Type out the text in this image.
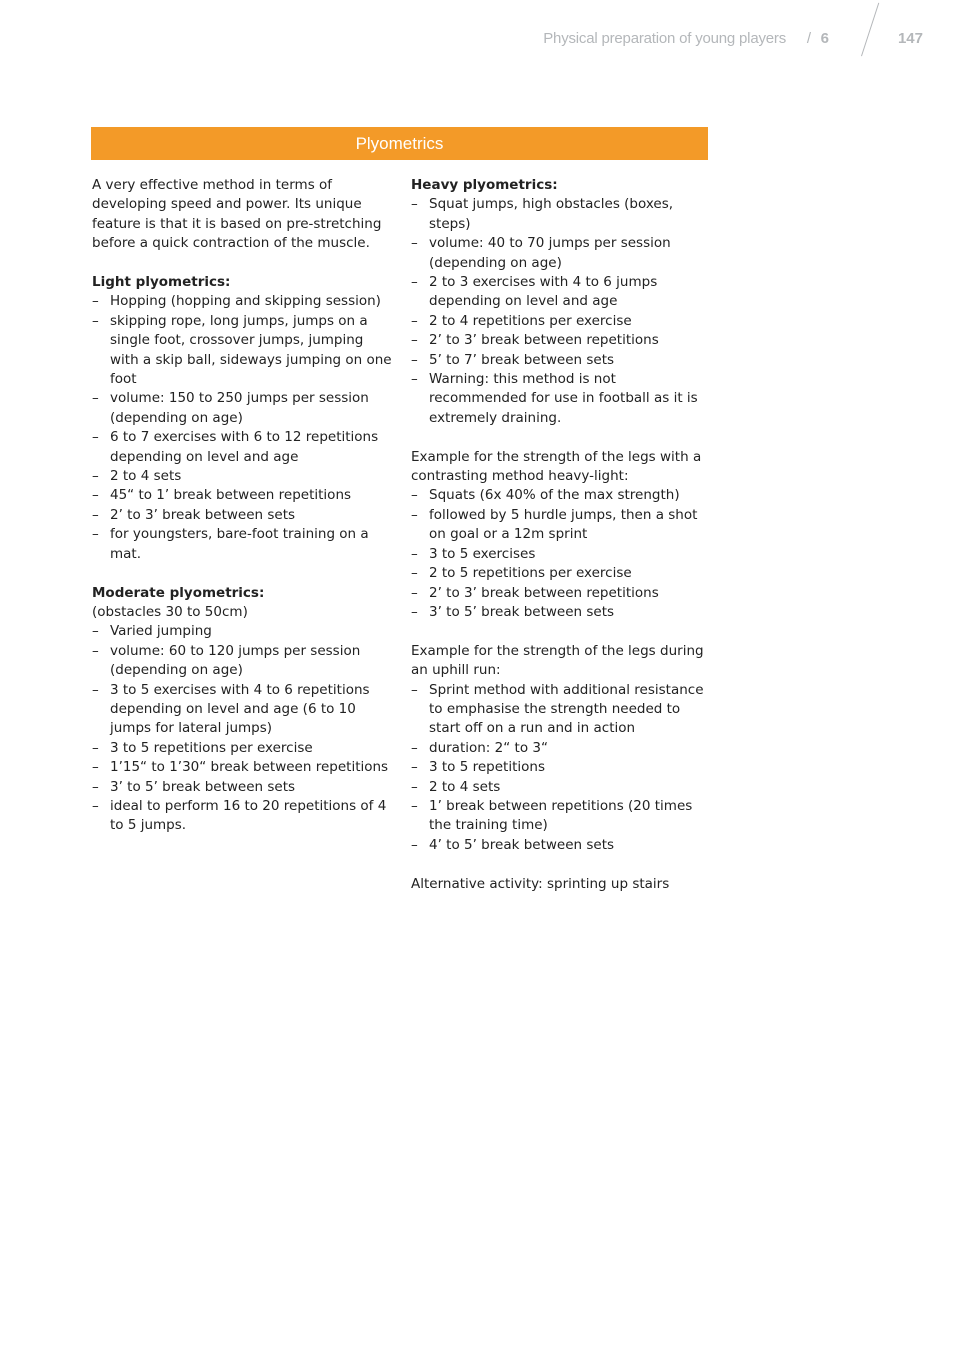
Physical preparation of young players / 6	147
Plyometrics

A very effective method in terms of developing speed and power. Its unique feature is that it is based on pre-stretching before a quick contraction of the muscle.

Light plyometrics:
– Hopping (hopping and skipping session)
– skipping rope, long jumps, jumps on a single foot, crossover jumps, jumping with a skip ball, sideways jumping on one foot
– volume: 150 to 250 jumps per session (depending on age)
– 6 to 7 exercises with 6 to 12 repetitions depending on level and age
– 2 to 4 sets
– 45“ to 1’ break between repetitions
– 2’ to 3’ break between sets
– for youngsters, bare-foot training on a mat.
Moderate plyometrics:

(obstacles 30 to 50cm)

– Varied jumping
– volume: 60 to 120 jumps per session (depending on age)
– 3 to 5 exercises with 4 to 6 repetitions depending on level and age (6 to 10 jumps for lateral jumps)
– 3 to 5 repetitions per exercise
– 1’15“ to 1’30“ break between repetitions
– 3’ to 5’ break between sets
– ideal to perform 16 to 20 repetitions of 4 to 5 jumps.
Heavy plyometrics:
– Squat jumps, high obstacles (boxes, steps)
– volume: 40 to 70 jumps per session (depending on age)
– 2 to 3 exercises with 4 to 6 jumps depending on level and age
– 2 to 4 repetitions per exercise
– 2’ to 3’ break between repetitions
– 5’ to 7’ break between sets
– Warning: this method is not recommended for use in football as it is extremely draining.

Example for the strength of the legs with a contrasting method heavy-light:

– Squats (6x 40% of the max strength)
– followed by 5 hurdle jumps, then a shot on goal or a 12m sprint
– 3 to 5 exercises
– 2 to 5 repetitions per exercise
– 2’ to 3’ break between repetitions
– 3’ to 5’ break between sets

Example for the strength of the legs during an uphill run:

– Sprint method with additional resistance to emphasise the strength needed to start off on a run and in action
– duration: 2“ to 3“
– 3 to 5 repetitions
– 2 to 4 sets
– 1’ break between repetitions (20 times the training time)
– 4’ to 5’ break between sets

Alternative activity: sprinting up stairs
